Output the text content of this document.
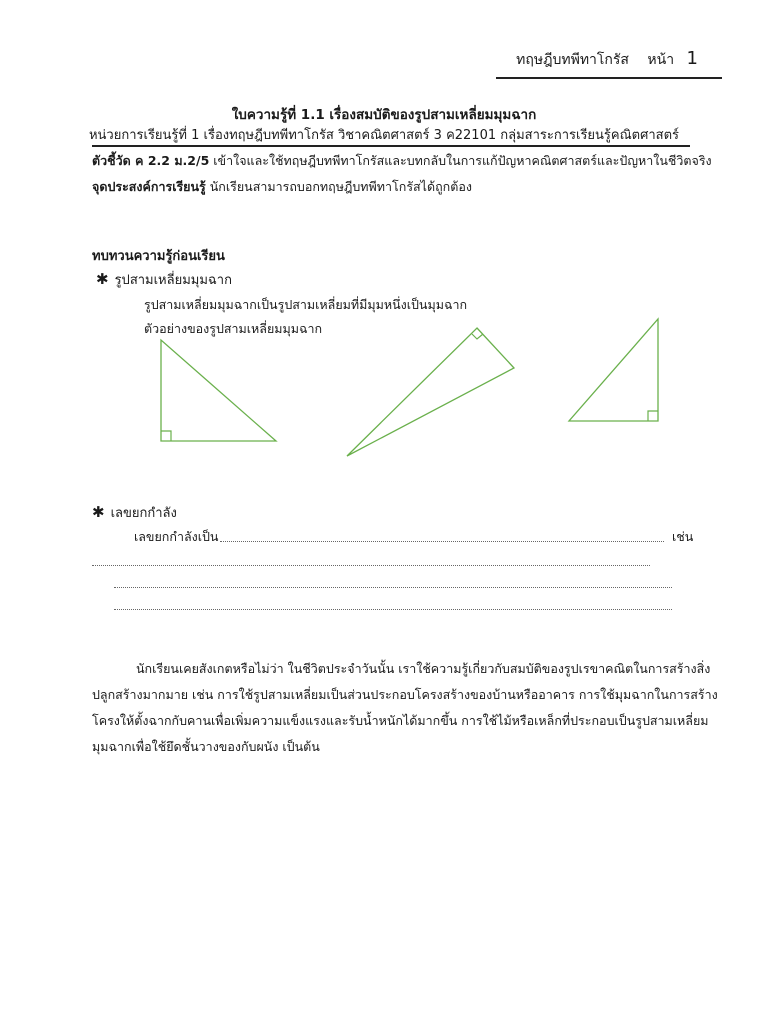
ทฤษฎีบทพีทาโกรัส หน้า 1
ใบความรู้ที่ 1.1 เรื่องสมบัติของรูปสามเหลี่ยมมุมฉาก
หน่วยการเรียนรู้ที่ 1 เรื่องทฤษฎีบทพีทาโกรัส วิชาคณิตศาสตร์ 3 ค22101 กลุ่มสาระการเรียนรู้คณิตศาสตร์
ตัวชี้วัด ค 2.2 ม.2/5 เข้าใจและใช้ทฤษฎีบทพีทาโกรัสและบทกลับในการแก้ปัญหาคณิตศาสตร์และปัญหาในชีวิตจริง
จุดประสงค์การเรียนรู้ นักเรียนสามารถบอกทฤษฎีบทพีทาโกรัสได้ถูกต้อง
ทบทวนความรู้ก่อนเรียน
✱ รูปสามเหลี่ยมมุมฉาก
รูปสามเหลี่ยมมุมฉากเป็นรูปสามเหลี่ยมที่มีมุมหนึ่งเป็นมุมฉาก
ตัวอย่างของรูปสามเหลี่ยมมุมฉาก
✱ เลขยกกำลัง
เลขยกกำลังเป็น	เช่น
นักเรียนเคยสังเกตหรือไม่ว่า ในชีวิตประจำวันนั้น เราใช้ความรู้เกี่ยวกับสมบัติของรูปเรขาคณิตในการสร้างสิ่ง
ปลูกสร้างมากมาย เช่น การใช้รูปสามเหลี่ยมเป็นส่วนประกอบโครงสร้างของบ้านหรืออาคาร การใช้มุมฉากในการสร้าง
โครงให้ตั้งฉากกับคานเพื่อเพิ่มความแข็งแรงและรับน้ำหนักได้มากขึ้น การใช้ไม้หรือเหล็กที่ประกอบเป็นรูปสามเหลี่ยม
มุมฉากเพื่อใช้ยึดชั้นวางของกับผนัง เป็นต้น
